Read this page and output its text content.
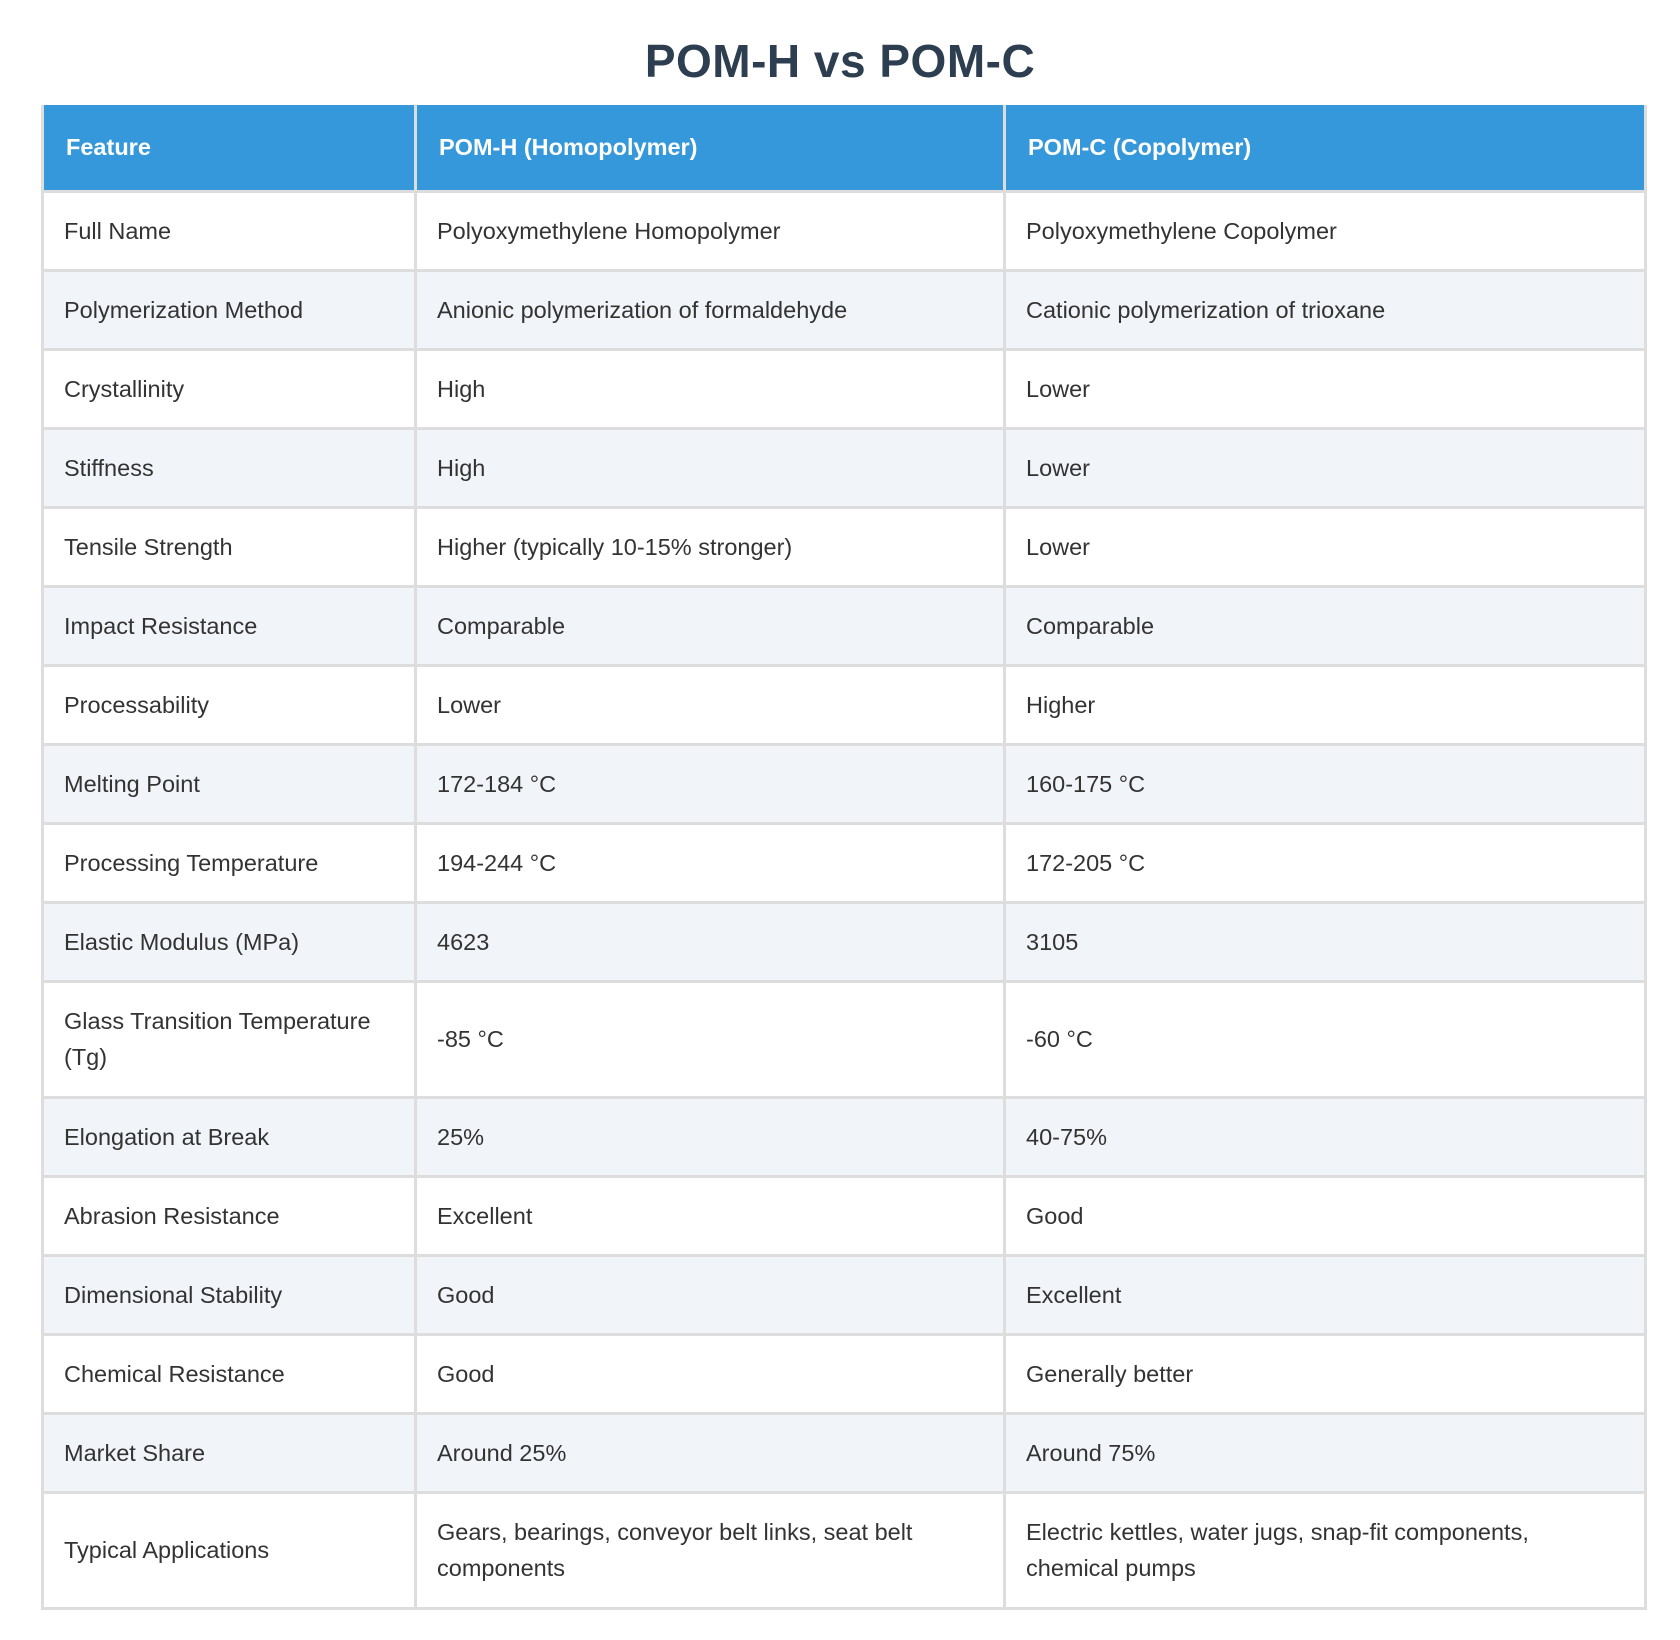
POM-H vs POM-C
Feature	POM-H (Homopolymer)	POM-C (Copolymer)
Full Name	Polyoxymethylene Homopolymer	Polyoxymethylene Copolymer
Polymerization Method	Anionic polymerization of formaldehyde	Cationic polymerization of trioxane
Crystallinity	High	Lower
Stiffness	High	Lower
Tensile Strength	Higher (typically 10-15% stronger)	Lower
Impact Resistance	Comparable	Comparable
Processability	Lower	Higher
Melting Point	172-184 °C	160-175 °C
Processing Temperature	194-244 °C	172-205 °C
Elastic Modulus (MPa)	4623	3105
Glass Transition Temperature (Tg)	-85 °C	-60 °C
Elongation at Break	25%	40-75%
Abrasion Resistance	Excellent	Good
Dimensional Stability	Good	Excellent
Chemical Resistance	Good	Generally better
Market Share	Around 25%	Around 75%
Typical Applications	Gears, bearings, conveyor belt links, seat belt components	Electric kettles, water jugs, snap-fit components, chemical pumps
